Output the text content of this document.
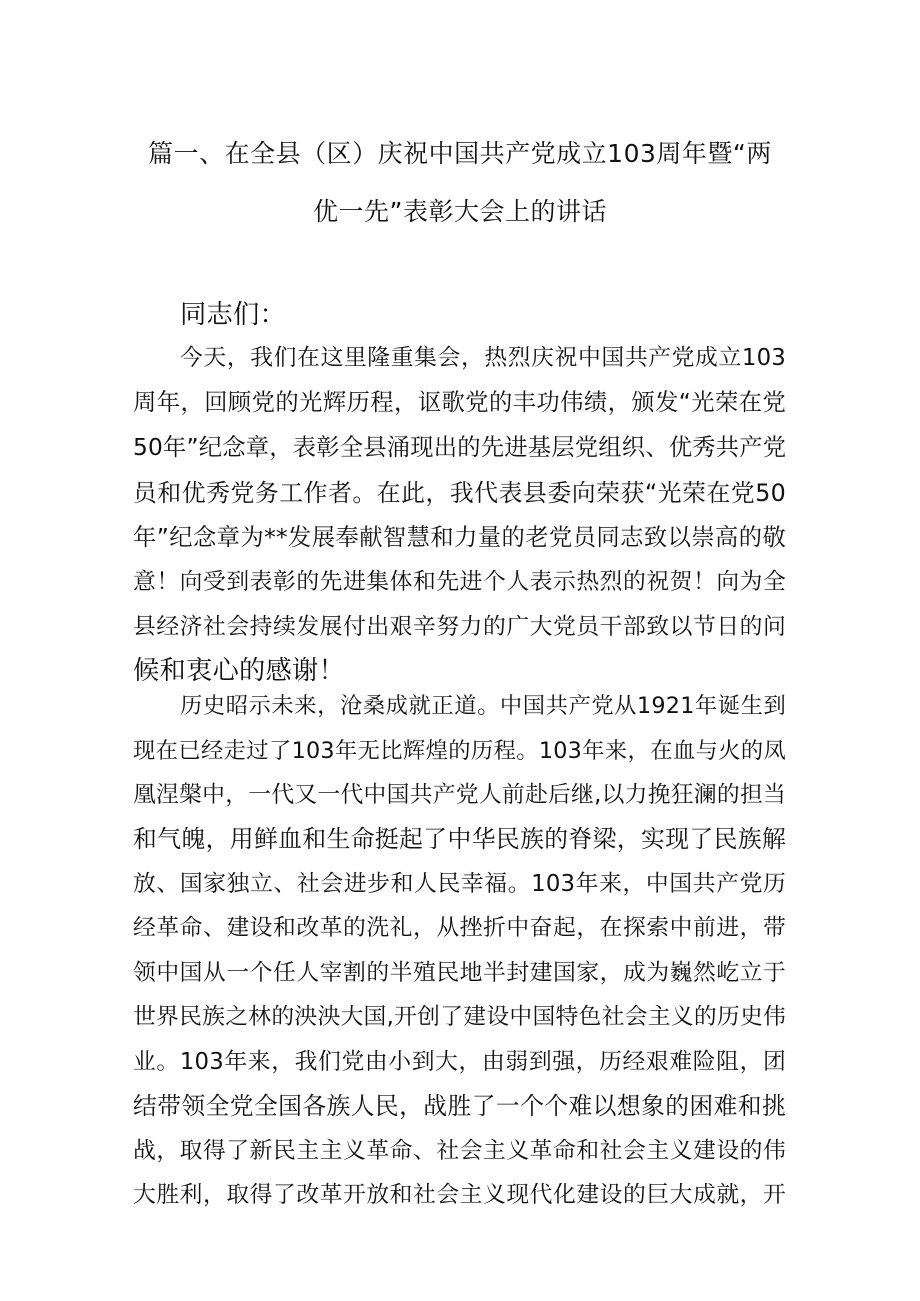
篇一、在全县（区）庆祝中国共产党成立103周年暨“两
优一先”表彰大会上的讲话
同志们：
今天，我们在这里隆重集会，热烈庆祝中国共产党成立103
周年，回顾党的光辉历程，讴歌党的丰功伟绩，颁发“光荣在党
50年”纪念章，表彰全县涌现出的先进基层党组织、优秀共产党
员和优秀党务工作者。在此，我代表县委向荣获“光荣在党50
年”纪念章为**发展奉献智慧和力量的老党员同志致以崇高的敬
意！向受到表彰的先进集体和先进个人表示热烈的祝贺！向为全
县经济社会持续发展付出艰辛努力的广大党员干部致以节日的问
候和衷心的感谢！
历史昭示未来，沧桑成就正道。中国共产党从1921年诞生到
现在已经走过了103年无比辉煌的历程。103年来，在血与火的凤
凰涅槃中，一代又一代中国共产党人前赴后继,以力挽狂澜的担当
和气魄，用鲜血和生命挺起了中华民族的脊梁，实现了民族解
放、国家独立、社会进步和人民幸福。103年来，中国共产党历
经革命、建设和改革的洗礼，从挫折中奋起，在探索中前进，带
领中国从一个任人宰割的半殖民地半封建国家，成为巍然屹立于
世界民族之林的泱泱大国,开创了建设中国特色社会主义的历史伟
业。103年来，我们党由小到大，由弱到强，历经艰难险阻，团
结带领全党全国各族人民，战胜了一个个难以想象的困难和挑
战，取得了新民主主义革命、社会主义革命和社会主义建设的伟
大胜利，取得了改革开放和社会主义现代化建设的巨大成就，开
